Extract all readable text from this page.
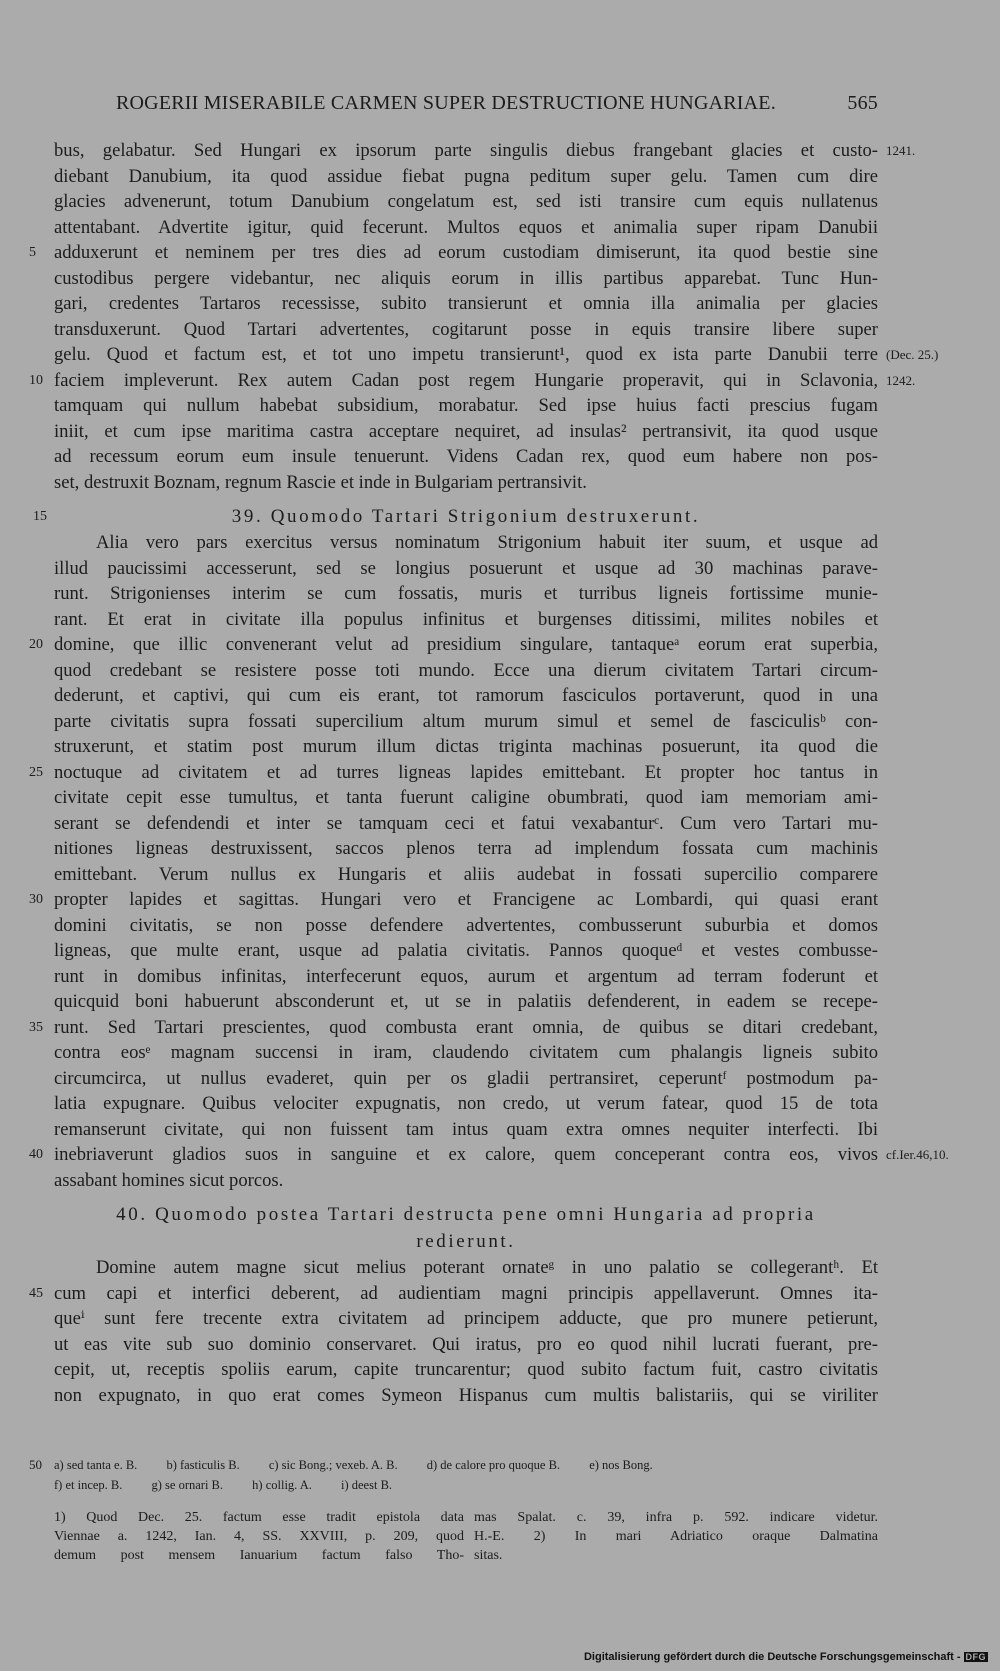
ROGERII MISERABILE CARMEN SUPER DESTRUCTIONE HUNGARIAE.	565
bus, gelabatur. Sed Hungari ex ipsorum parte singulis diebus frangebant glacies et custo- 1241.
diebant Danubium, ita quod assidue fiebat pugna peditum super gelu. Tamen cum dire
glacies advenerunt, totum Danubium congelatum est, sed isti transire cum equis nullatenus
attentabant. Advertite igitur, quid fecerunt. Multos equos et animalia super ripam Danubii
5 adduxerunt et neminem per tres dies ad eorum custodiam dimiserunt, ita quod bestie sine
custodibus pergere videbantur, nec aliquis eorum in illis partibus apparebat. Tunc Hun-
gari, credentes Tartaros recessisse, subito transierunt et omnia illa animalia per glacies
transduxerunt. Quod Tartari advertentes, cogitarunt posse in equis transire libere super
gelu. Quod et factum est, et tot uno impetu transierunt¹, quod ex ista parte Danubii terre (Dec. 25.)
10 faciem impleverunt. Rex autem Cadan post regem Hungarie properavit, qui in Sclavonia, 1242.
tamquam qui nullum habebat subsidium, morabatur. Sed ipse huius facti prescius fugam
iniit, et cum ipse maritima castra acceptare nequiret, ad insulas² pertransivit, ita quod usque
ad recessum eorum eum insule tenuerunt. Videns Cadan rex, quod eum habere non pos-
set, destruxit Boznam, regnum Rascie et inde in Bulgariam pertransivit.
15	39. Quomodo Tartari Strigonium destruxerunt.
Alia vero pars exercitus versus nominatum Strigonium habuit iter suum, et usque ad
illud paucissimi accesserunt, sed se longius posuerunt et usque ad 30 machinas parave-
runt. Strigonienses interim se cum fossatis, muris et turribus ligneis fortissime munie-
rant. Et erat in civitate illa populus infinitus et burgenses ditissimi, milites nobiles et
20 domine, que illic convenerant velut ad presidium singulare, tantaqueᵃ eorum erat superbia,
quod credebant se resistere posse toti mundo. Ecce una dierum civitatem Tartari circum-
dederunt, et captivi, qui cum eis erant, tot ramorum fasciculos portaverunt, quod in una
parte civitatis supra fossati supercilium altum murum simul et semel de fasciculisᵇ con-
struxerunt, et statim post murum illum dictas triginta machinas posuerunt, ita quod die
25 noctuque ad civitatem et ad turres ligneas lapides emittebant. Et propter hoc tantus in
civitate cepit esse tumultus, et tanta fuerunt caligine obumbrati, quod iam memoriam ami-
serant se defendendi et inter se tamquam ceci et fatui vexabanturᶜ. Cum vero Tartari mu-
nitiones ligneas destruxissent, saccos plenos terra ad implendum fossata cum machinis
emittebant. Verum nullus ex Hungaris et aliis audebat in fossati supercilio comparere
30 propter lapides et sagittas. Hungari vero et Francigene ac Lombardi, qui quasi erant
domini civitatis, se non posse defendere advertentes, combusserunt suburbia et domos
ligneas, que multe erant, usque ad palatia civitatis. Pannos quoqueᵈ et vestes combusse-
runt in domibus infinitas, interfecerunt equos, aurum et argentum ad terram foderunt et
quicquid boni habuerunt absconderunt et, ut se in palatiis defenderent, in eadem se recepe-
35 runt. Sed Tartari prescientes, quod combusta erant omnia, de quibus se ditari credebant,
contra eosᵉ magnam succensi in iram, claudendo civitatem cum phalangis ligneis subito
circumcirca, ut nullus evaderet, quin per os gladii pertransiret, ceperuntᶠ postmodum pa-
latia expugnare. Quibus velociter expugnatis, non credo, ut verum fatear, quod 15 de tota
remanserunt civitate, qui non fuissent tam intus quam extra omnes nequiter interfecti. Ibi
40 inebriaverunt gladios suos in sanguine et ex calore, quem conceperant contra eos, vivos cf.Ier.46,10.
assabant homines sicut porcos.
40. Quomodo postea Tartari destructa pene omni Hungaria ad propria
redierunt.
Domine autem magne sicut melius poterant ornateᵍ in uno palatio se collegerantʰ. Et
45 cum capi et interfici deberent, ad audientiam magni principis appellaverunt. Omnes ita-
queⁱ sunt fere trecente extra civitatem ad principem adducte, que pro munere petierunt,
ut eas vite sub suo dominio conservaret. Qui iratus, pro eo quod nihil lucrati fuerant, pre-
cepit, ut, receptis spoliis earum, capite truncarentur; quod subito factum fuit, castro civitatis
non expugnato, in quo erat comes Symeon Hispanus cum multis balistariis, qui se viriliter
50 a) sed tanta e. B. b) fasticulis B. c) sic Bong.; vexeb. A. B. d) de calore pro quoque B. e) nos Bong.
f) et incep. B. g) se ornari B. h) collig. A. i) deest B.
1) Quod Dec. 25. factum esse tradit epistola data
Viennae a. 1242, Ian. 4, SS. XXVIII, p. 209, quod
demum post mensem Ianuarium factum falso Tho-
mas Spalat. c. 39, infra p. 592. indicare videtur.
H.-E. 2) In mari Adriatico oraque Dalmatina
sitas.
Digitalisierung gefördert durch die Deutsche Forschungsgemeinschaft - DFG
